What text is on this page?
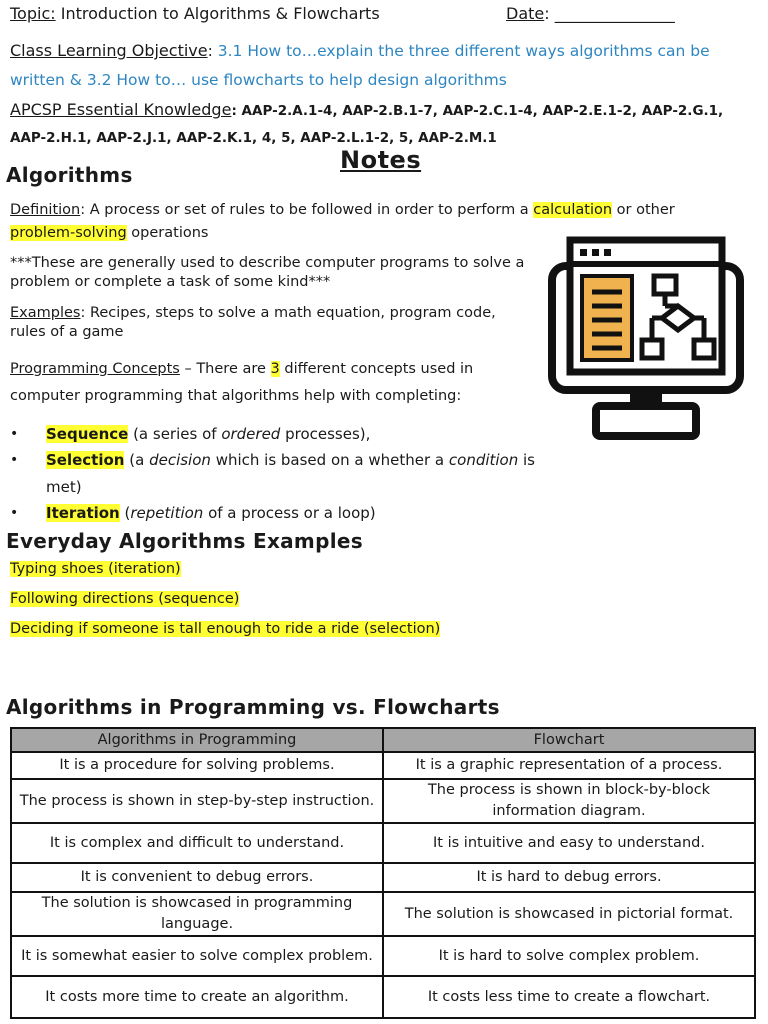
Topic: Introduction to Algorithms & Flowcharts	Date: _______________
Class Learning Objective: 3.1 How to…explain the three different ways algorithms can be written & 3.2 How to… use flowcharts to help design algorithms
APCSP Essential Knowledge: AAP-2.A.1-4, AAP-2.B.1-7, AAP-2.C.1-4, AAP-2.E.1-2, AAP-2.G.1, AAP-2.H.1, AAP-2.J.1, AAP-2.K.1, 4, 5, AAP-2.L.1-2, 5, AAP-2.M.1
Notes
Algorithms
Definition: A process or set of rules to be followed in order to perform a calculation or other problem-solving operations
***These are generally used to describe computer programs to solve a problem or complete a task of some kind***
Examples: Recipes, steps to solve a math equation, program code, rules of a game
Programming Concepts – There are 3 different concepts used in computer programming that algorithms help with completing:
• Sequence (a series of ordered processes),
• Selection (a decision which is based on a whether a condition is met)
• Iteration (repetition of a process or a loop)
Everyday Algorithms Examples
Typing shoes (iteration)
Following directions (sequence)
Deciding if someone is tall enough to ride a ride (selection)
Algorithms in Programming vs. Flowcharts
Algorithms in Programming	Flowchart
It is a procedure for solving problems.	It is a graphic representation of a process.
The process is shown in step-by-step instruction.	The process is shown in block-by-block information diagram.
It is complex and difficult to understand.	It is intuitive and easy to understand.
It is convenient to debug errors.	It is hard to debug errors.
The solution is showcased in programming language.	The solution is showcased in pictorial format.
It is somewhat easier to solve complex problem.	It is hard to solve complex problem.
It costs more time to create an algorithm.	It costs less time to create a flowchart.
